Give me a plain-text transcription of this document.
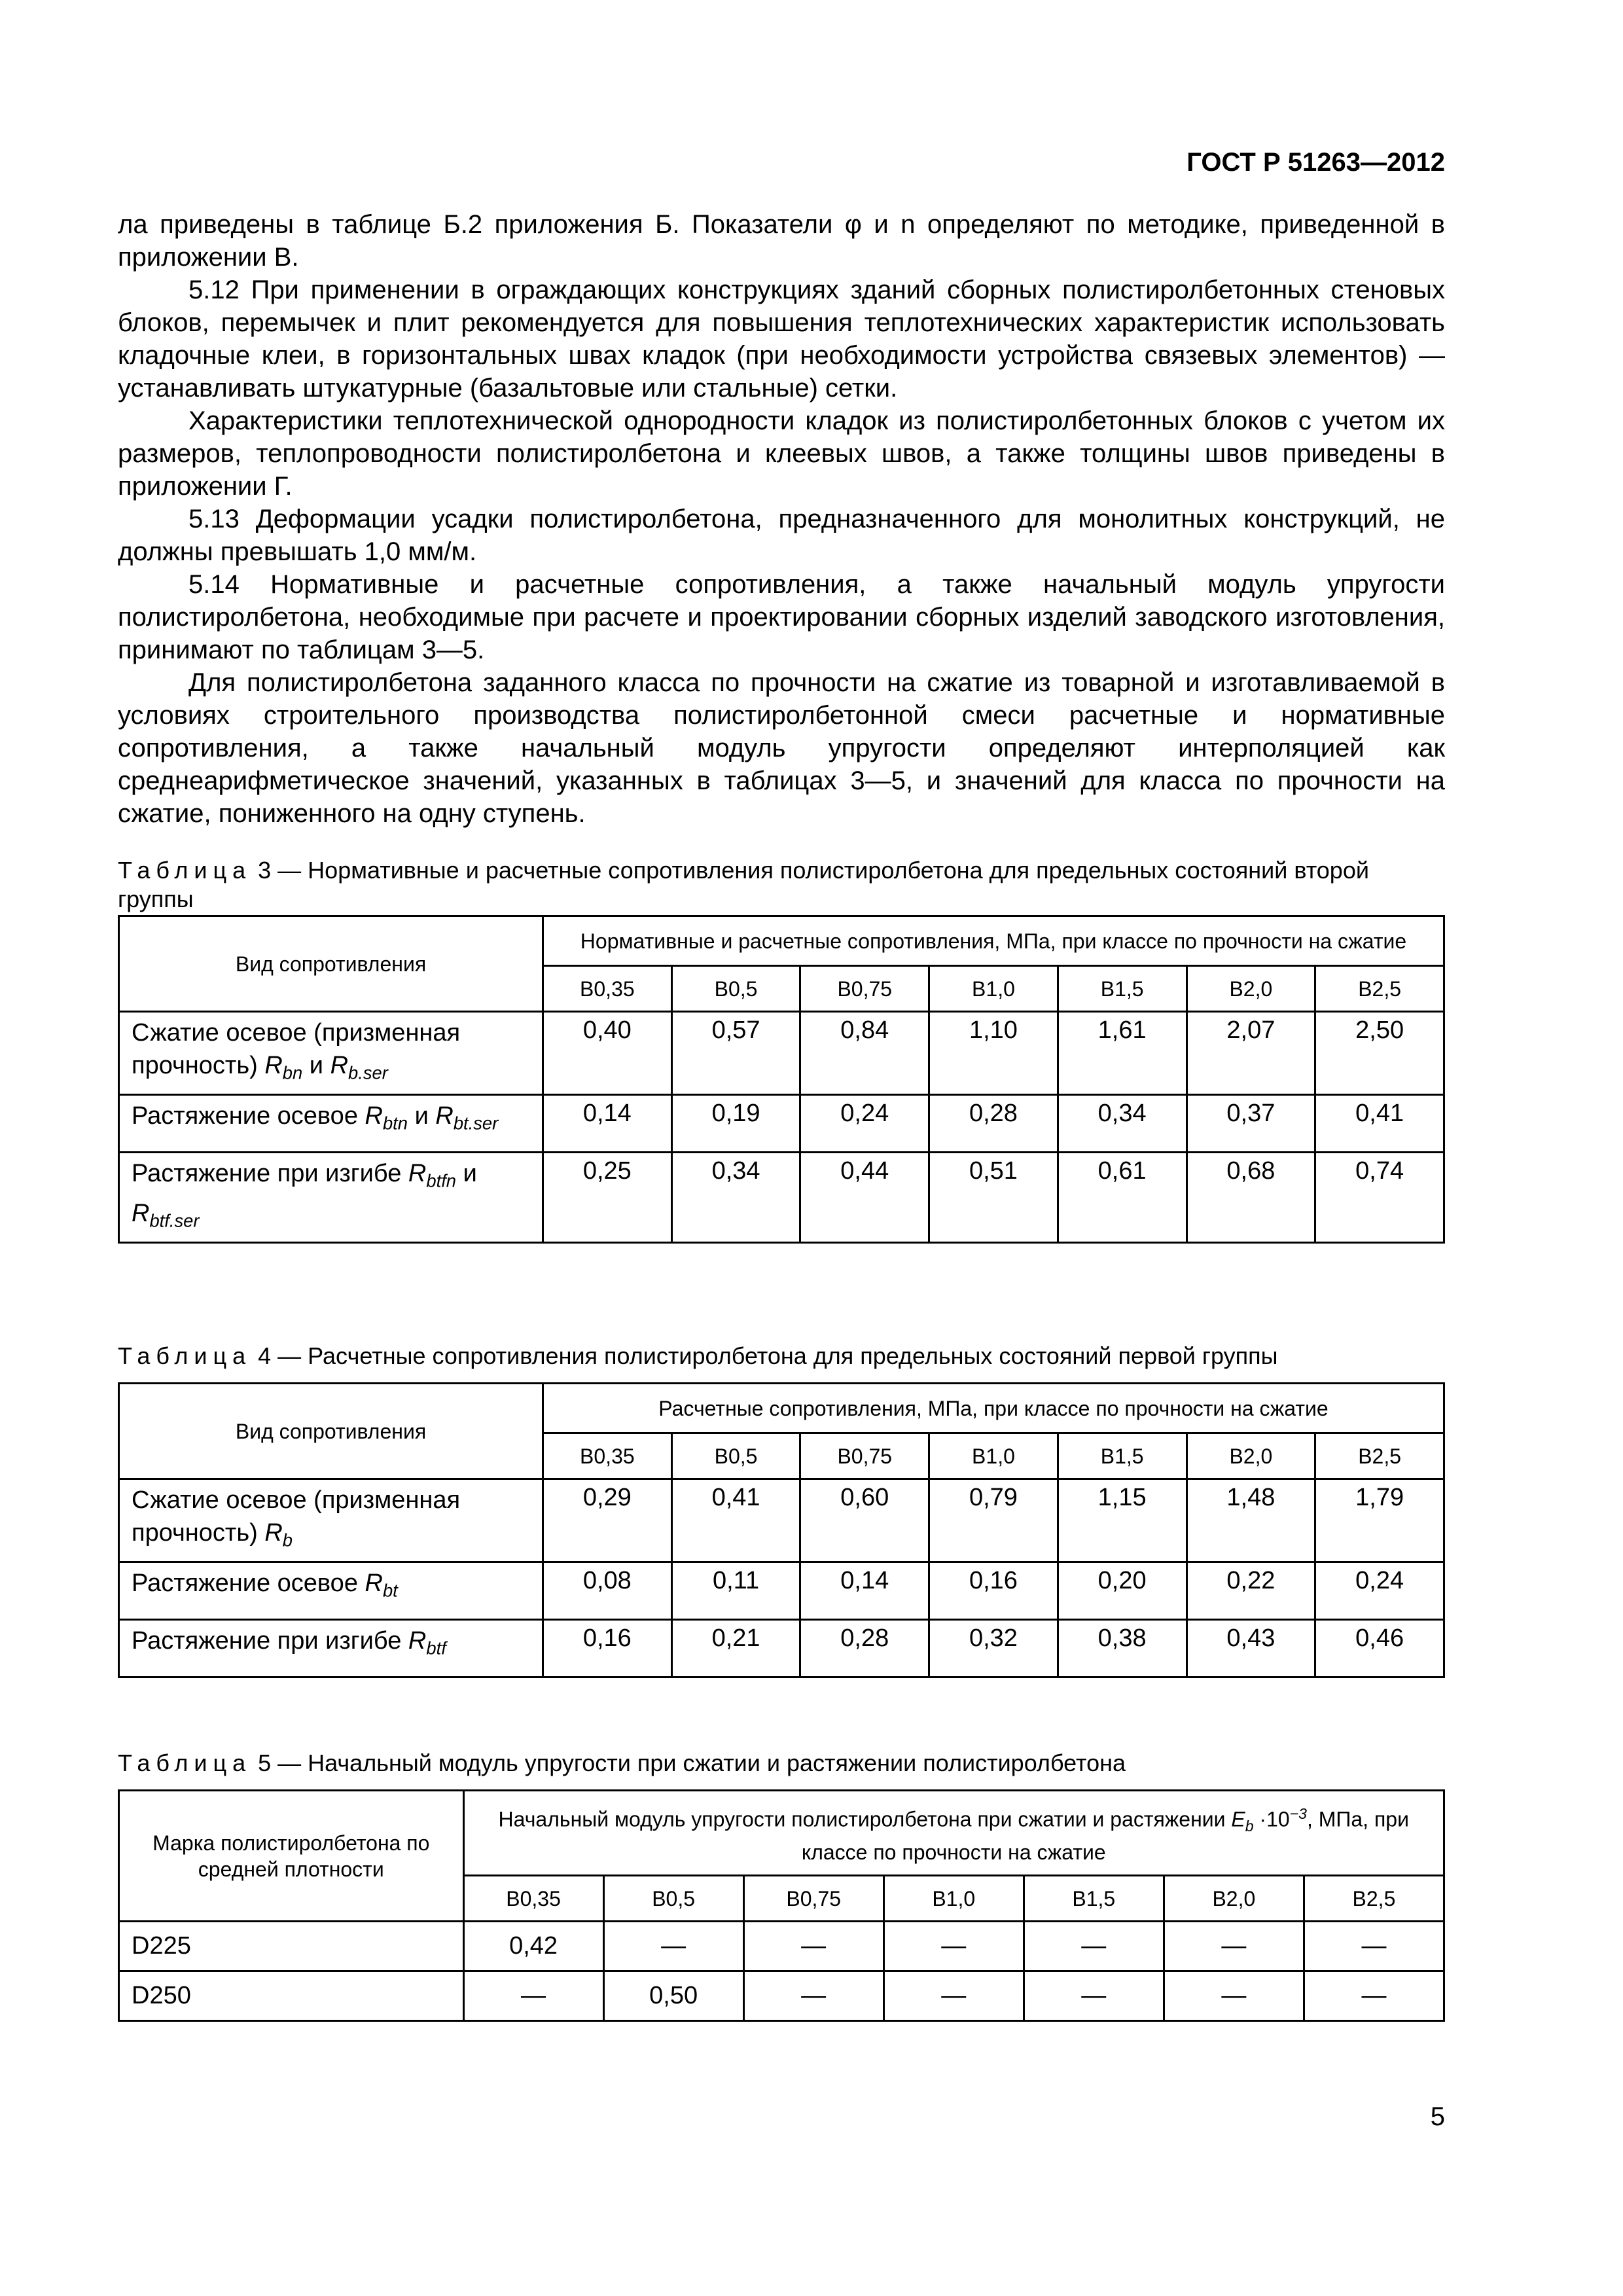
ГОСТ Р 51263—2012

ла приведены в таблице Б.2 приложения Б. Показатели φ и n определяют по методике, приведенной в приложении В.

5.12 При применении в ограждающих конструкциях зданий сборных полистиролбетонных стеновых блоков, перемычек и плит рекомендуется для повышения теплотехнических характеристик использовать кладочные клеи, в горизонтальных швах кладок (при необходимости устройства связевых элементов) — устанавливать штукатурные (базальтовые или стальные) сетки.

Характеристики теплотехнической однородности кладок из полистиролбетонных блоков с учетом их размеров, теплопроводности полистиролбетона и клеевых швов, а также толщины швов приведены в приложении Г.

5.13 Деформации усадки полистиролбетона, предназначенного для монолитных конструкций, не должны превышать 1,0 мм/м.

5.14 Нормативные и расчетные сопротивления, а также начальный модуль упругости полистиролбетона, необходимые при расчете и проектировании сборных изделий заводского изготовления, принимают по таблицам 3—5.

Для полистиролбетона заданного класса по прочности на сжатие из товарной и изготавливаемой в условиях строительного производства полистиролбетонной смеси расчетные и нормативные сопротивления, а также начальный модуль упругости определяют интерполяцией как среднеарифметическое значений, указанных в таблицах 3—5, и значений для класса по прочности на сжатие, пониженного на одну ступень.

Таблица 3 — Нормативные и расчетные сопротивления полистиролбетона для предельных состояний второй группы
Вид сопротивления	Нормативные и расчетные сопротивления, МПа, при классе по прочности на сжатие						
	В0,35	В0,5	В0,75	В1,0	В1,5	В2,0	В2,5
Сжатие осевое (призменная прочность) $R_{bn}$ и $R_{b.ser}$	0,40	0,57	0,84	1,10	1,61	2,07	2,50
Растяжение осевое $R_{btn}$ и $R_{bt.ser}$	0,14	0,19	0,24	0,28	0,34	0,37	0,41
Растяжение при изгибе $R_{btfn}$ и $R_{btf.ser}$	0,25	0,34	0,44	0,51	0,61	0,68	0,74
Таблица 4 — Расчетные сопротивления полистиролбетона для предельных состояний первой группы
Вид сопротивления	Расчетные сопротивления, МПа, при классе по прочности на сжатие						
	В0,35	В0,5	В0,75	В1,0	В1,5	В2,0	В2,5
Сжатие осевое (призменная прочность) $R_b$	0,29	0,41	0,60	0,79	1,15	1,48	1,79
Растяжение осевое $R_{bt}$	0,08	0,11	0,14	0,16	0,20	0,22	0,24
Растяжение при изгибе $R_{btf}$	0,16	0,21	0,28	0,32	0,38	0,43	0,46
Таблица 5 — Начальный модуль упругости при сжатии и растяжении полистиролбетона
Марка полистиролбетона по средней плотности	Начальный модуль упругости полистиролбетона при сжатии и растяжении $E_b \cdot 10^{-3}$, МПа, при классе по прочности на сжатие						
	В0,35	В0,5	В0,75	В1,0	В1,5	В2,0	В2,5
D225	0,42	—	—	—	—	—	—
D250	—	0,50	—	—	—	—	—
5
